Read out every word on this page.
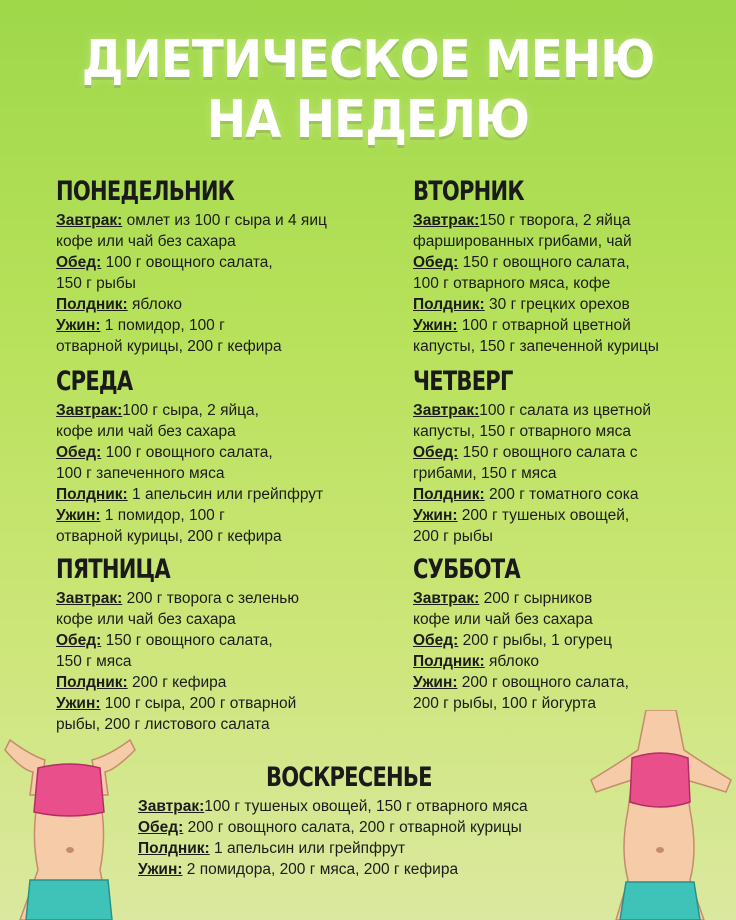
ДИЕТИЧЕСКОЕ МЕНЮ
НА НЕДЕЛЮ
ПОНЕДЕЛЬНИК

Завтрак: омлет из 100 г сыра и 4 яиц

кофе или чай без сахара

Обед: 100 г овощного салата,

150 г рыбы

Полдник: яблоко

Ужин: 1 помидор, 100 г

отварной курицы, 200 г кефира

ВТОРНИК

Завтрак:150 г творога, 2 яйца

фаршированных грибами, чай

Обед: 150 г овощного салата,

100 г отварного мяса, кофе

Полдник: 30 г грецких орехов

Ужин: 100 г отварной цветной

капусты, 150 г запеченной курицы

СРЕДА

Завтрак:100 г сыра, 2 яйца,

кофе или чай без сахара

Обед: 100 г овощного салата,

100 г запеченного мяса

Полдник: 1 апельсин или грейпфрут

Ужин: 1 помидор, 100 г

отварной курицы, 200 г кефира

ЧЕТВЕРГ

Завтрак:100 г салата из цветной

капусты, 150 г отварного мяса

Обед: 150 г овощного салата с

грибами, 150 г мяса

Полдник: 200 г томатного сока

Ужин: 200 г тушеных овощей,

200 г рыбы

ПЯТНИЦА

Завтрак: 200 г творога с зеленью

кофе или чай без сахара

Обед: 150 г овощного салата,

150 г мяса

Полдник: 200 г кефира

Ужин: 100 г сыра, 200 г отварной

рыбы, 200 г листового салата

СУББОТА

Завтрак: 200 г сырников

кофе или чай без сахара

Обед: 200 г рыбы, 1 огурец

Полдник: яблоко

Ужин: 200 г овощного салата,

200 г рыбы, 100 г йогурта

ВОСКРЕСЕНЬЕ

Завтрак:100 г тушеных овощей, 150 г отварного мяса

Обед: 200 г овощного салата, 200 г отварной курицы

Полдник: 1 апельсин или грейпфрут

Ужин: 2 помидора, 200 г мяса, 200 г кефира
